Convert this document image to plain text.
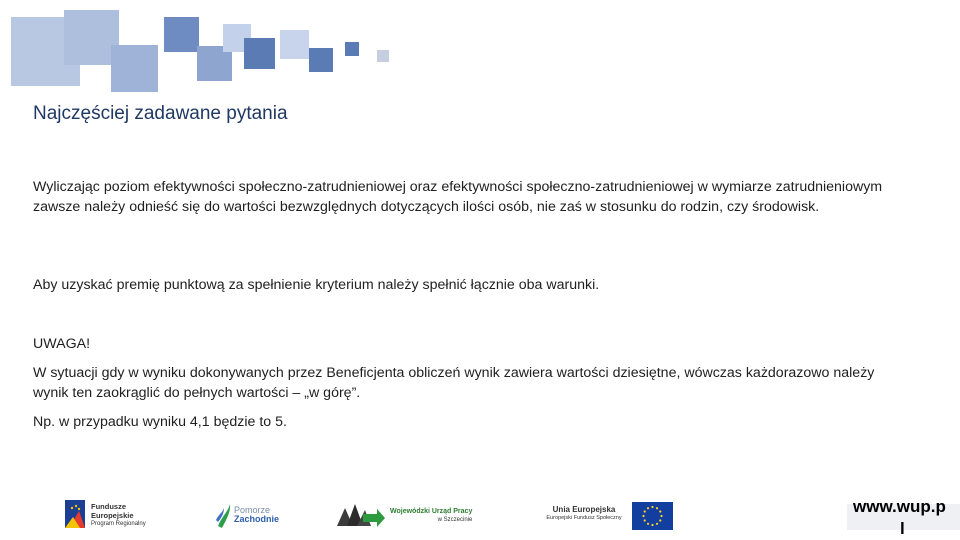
Najczęściej zadawane pytania
Wyliczając poziom efektywności społeczno-zatrudnieniowej oraz efektywności społeczno-zatrudnieniowej w wymiarze zatrudnieniowym zawsze należy odnieść się do wartości bezwzględnych dotyczących ilości osób, nie zaś w stosunku do rodzin, czy środowisk.
Aby uzyskać premię punktową za spełnienie kryterium należy spełnić łącznie oba warunki.
UWAGA!
W sytuacji gdy w wyniku dokonywanych przez Beneficjenta obliczeń wynik zawiera wartości dziesiętne, wówczas każdorazowo należy wynik ten zaokrąglić do pełnych wartości – „w górę”.
Np. w przypadku wyniku 4,1 będzie to 5.
Fundusze
Europejskie
Program Regionalny
Pomorze
Zachodnie
Wojewódzki Urząd Pracy
w Szczecinie
Unia Europejska
Europejski Fundusz Społeczny
www.wup.p
l
